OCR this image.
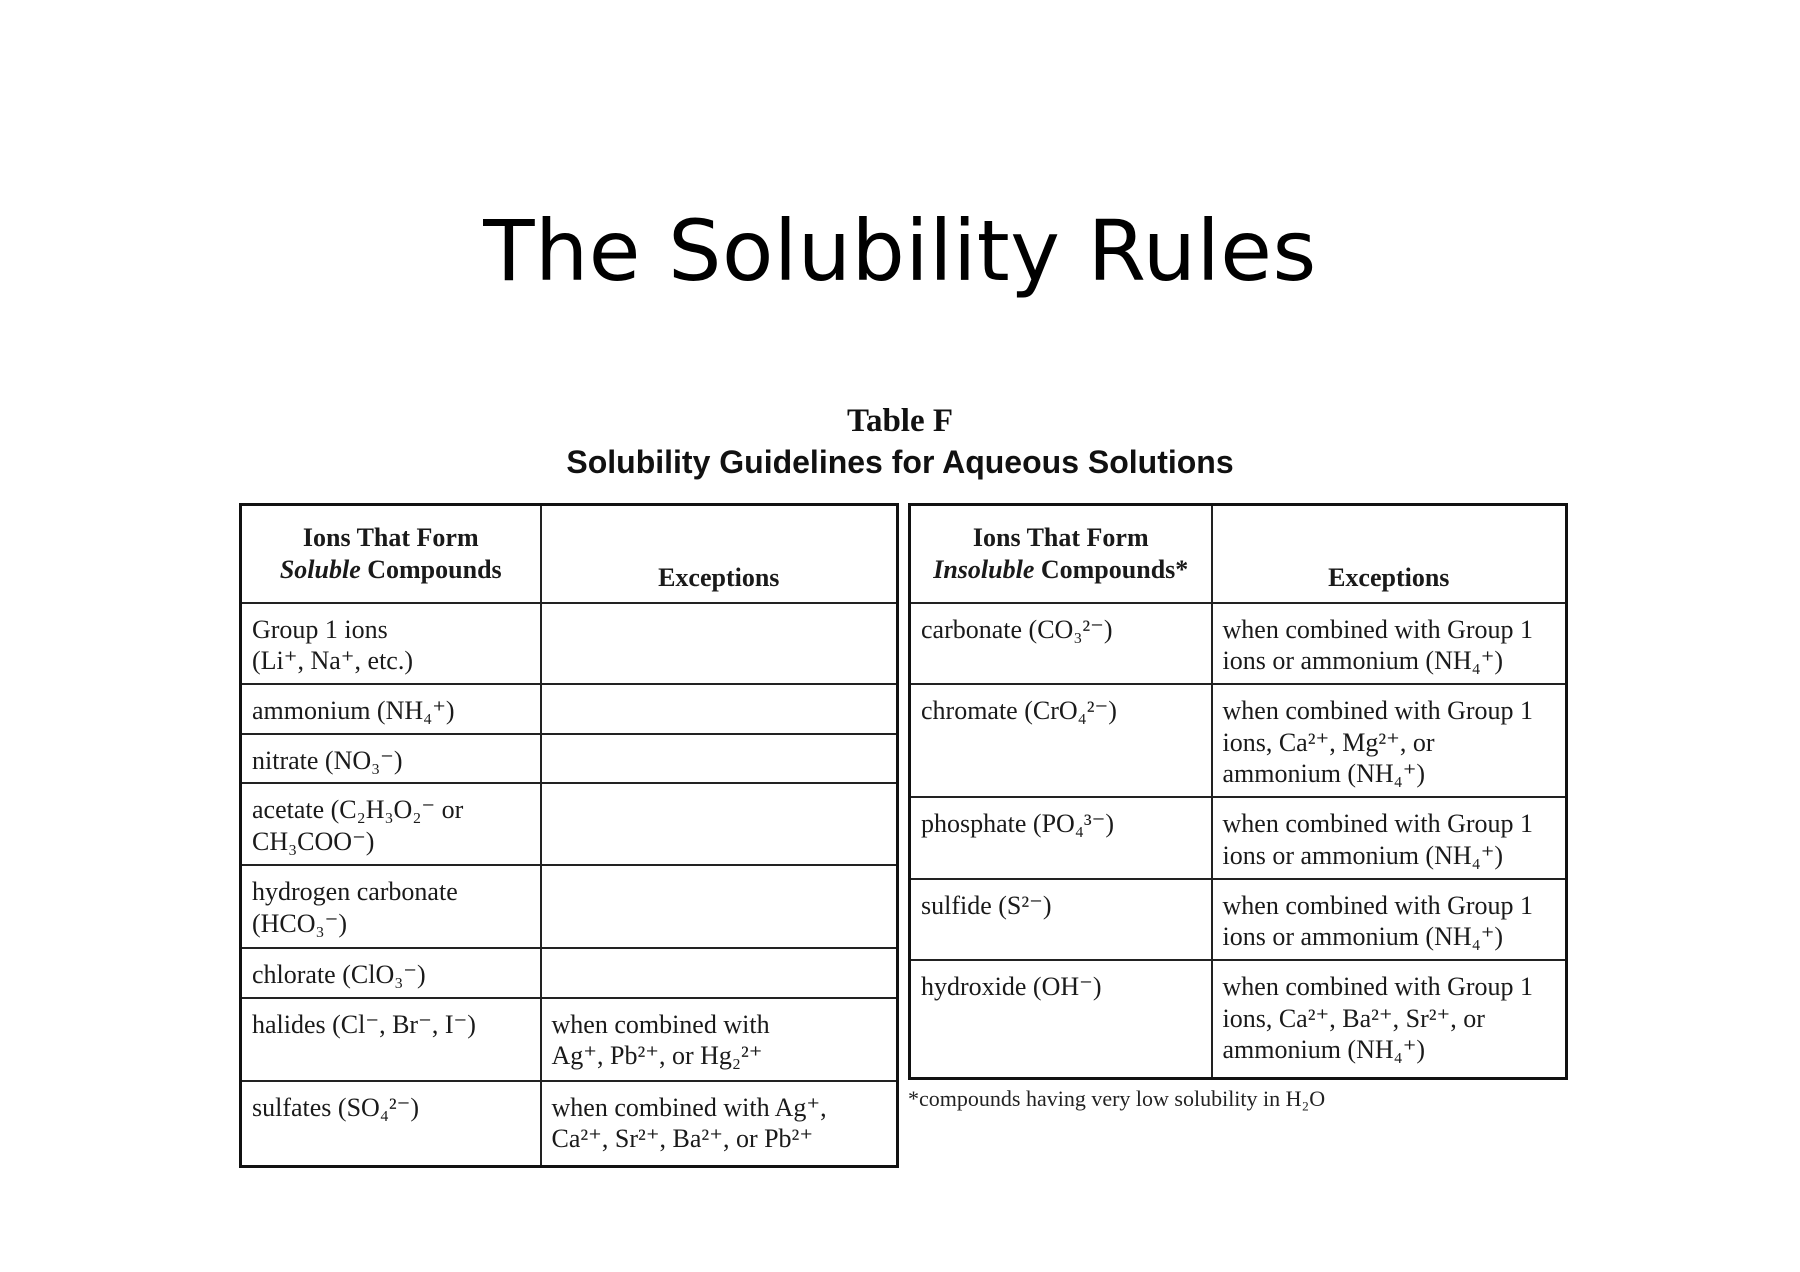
The Solubility Rules
Table F
Solubility Guidelines for Aqueous Solutions
Ions That Form
Soluble Compounds	Exceptions
Group 1 ions
(Li⁺, Na⁺, etc.)	
ammonium (NH₄⁺)	
nitrate (NO₃⁻)	
acetate (C₂H₃O₂⁻ or
CH₃COO⁻)	
hydrogen carbonate
(HCO₃⁻)	
chlorate (ClO₃⁻)	
halides (Cl⁻, Br⁻, I⁻)	when combined with
Ag⁺, Pb²⁺, or Hg₂²⁺
sulfates (SO₄²⁻)	when combined with Ag⁺,
Ca²⁺, Sr²⁺, Ba²⁺, or Pb²⁺
Ions That Form
Insoluble Compounds*	Exceptions
carbonate (CO₃²⁻)	when combined with Group 1
ions or ammonium (NH₄⁺)
chromate (CrO₄²⁻)	when combined with Group 1
ions, Ca²⁺, Mg²⁺, or
ammonium (NH₄⁺)
phosphate (PO₄³⁻)	when combined with Group 1
ions or ammonium (NH₄⁺)
sulfide (S²⁻)	when combined with Group 1
ions or ammonium (NH₄⁺)
hydroxide (OH⁻)	when combined with Group 1
ions, Ca²⁺, Ba²⁺, Sr²⁺, or
ammonium (NH₄⁺)
*compounds having very low solubility in H₂O
